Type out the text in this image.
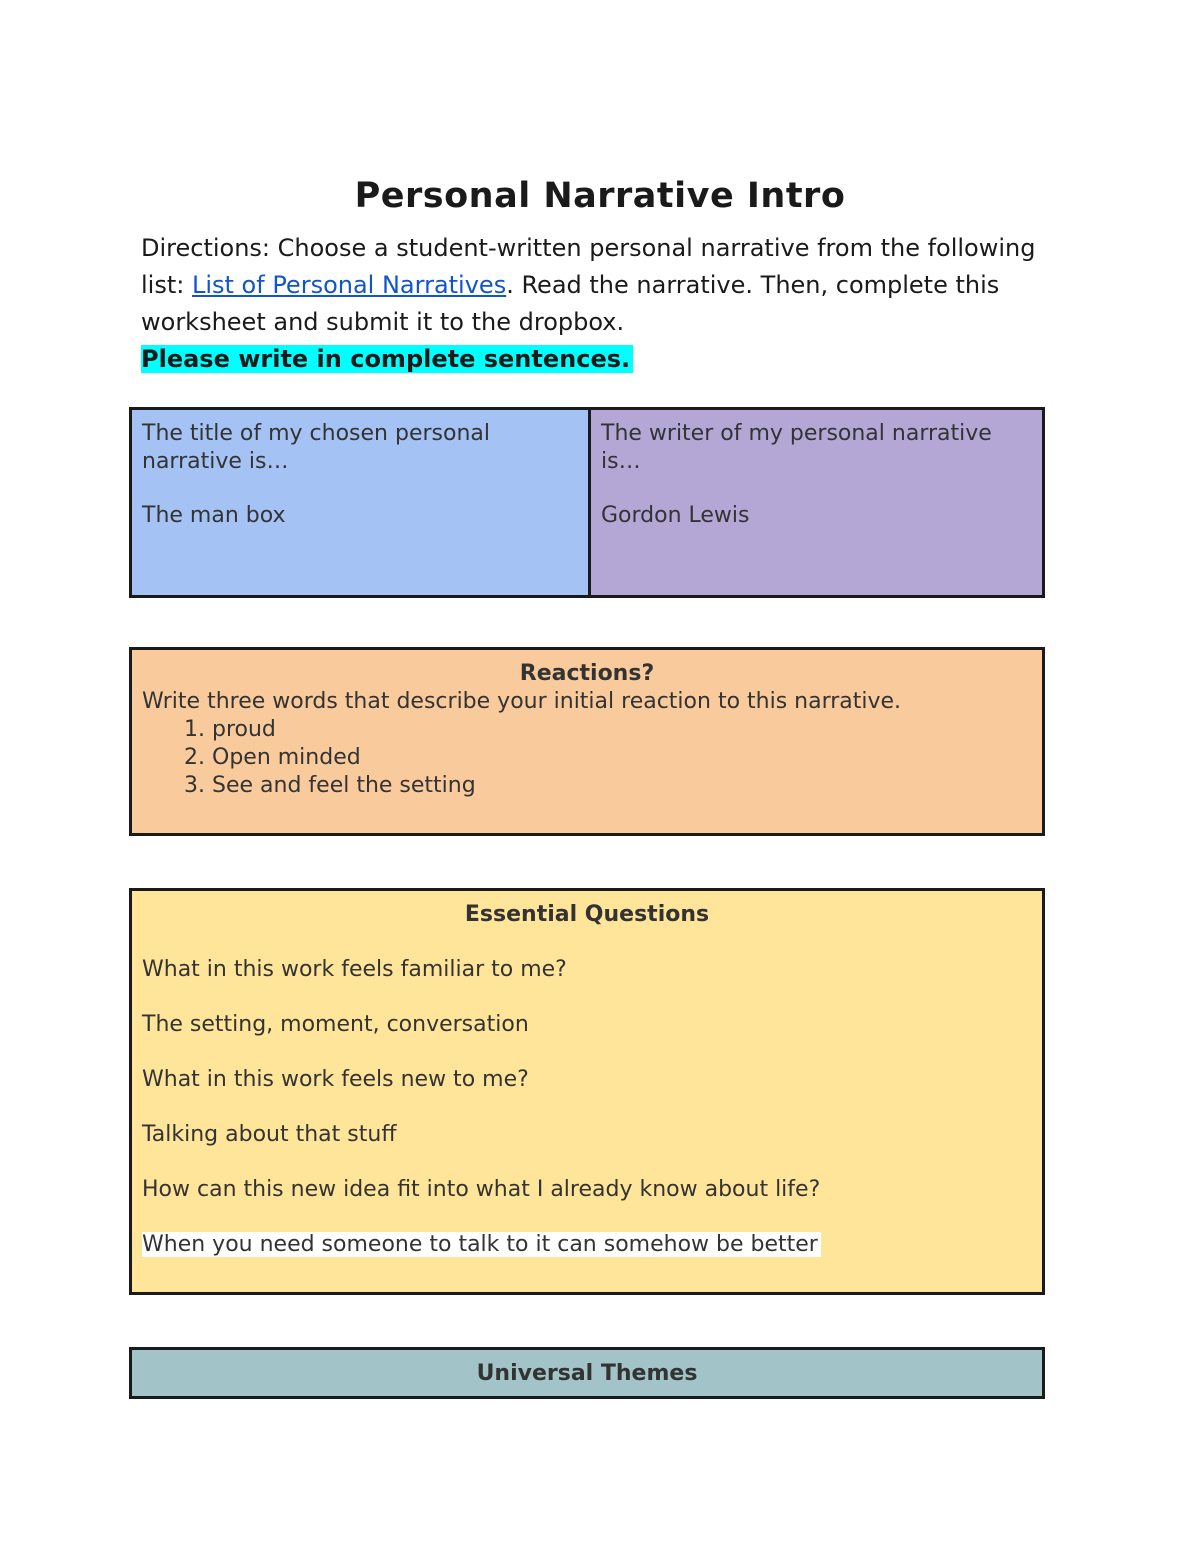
Personal Narrative Intro
Directions: Choose a student-written personal narrative from the following list: List of Personal Narratives. Read the narrative. Then, complete this worksheet and submit it to the dropbox.
Please write in complete sentences.
The title of my chosen personal narrative is…
The man box
The writer of my personal narrative is…
Gordon Lewis
Reactions?
Write three words that describe your initial reaction to this narrative.
1. proud
2. Open minded
3. See and feel the setting
Essential Questions

What in this work feels familiar to me?

The setting, moment, conversation

What in this work feels new to me?

Talking about that stuff

How can this new idea fit into what I already know about life?

When you need someone to talk to it can somehow be better

Universal Themes
